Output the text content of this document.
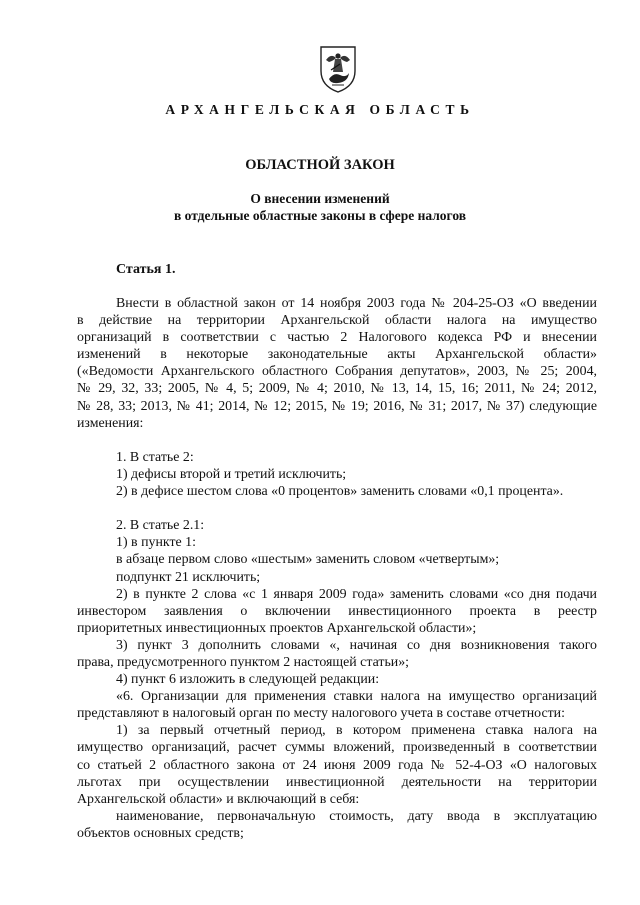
АРХАНГЕЛЬСКАЯ ОБЛАСТЬ
ОБЛАСТНОЙ ЗАКОН
О внесении изменений
в отдельные областные законы в сфере налогов
Статья 1.

Внести в областной закон от 14 ноября 2003 года № 204-25-ОЗ «О введении

в действие на территории Архангельской области налога на имущество

организаций в соответствии с частью 2 Налогового кодекса РФ и внесении

изменений в некоторые законодательные акты Архангельской области»

(«Ведомости Архангельского областного Собрания депутатов», 2003, № 25; 2004,

№ 29, 32, 33; 2005, № 4, 5; 2009, № 4; 2010, № 13, 14, 15, 16; 2011, № 24; 2012,

№ 28, 33; 2013, № 41; 2014, № 12; 2015, № 19; 2016, № 31; 2017, № 37) следующие

изменения:

1. В статье 2:

1) дефисы второй и третий исключить;

2) в дефисе шестом слова «0 процентов» заменить словами «0,1 процента».

2. В статье 2.1:

1) в пункте 1:

в абзаце первом слово «шестым» заменить словом «четвертым»;

подпункт 21 исключить;

2) в пункте 2 слова «с 1 января 2009 года» заменить словами «со дня подачи

инвестором заявления о включении инвестиционного проекта в реестр

приоритетных инвестиционных проектов Архангельской области»;

3) пункт 3 дополнить словами «, начиная со дня возникновения такого

права, предусмотренного пунктом 2 настоящей статьи»;

4) пункт 6 изложить в следующей редакции:

«6. Организации для применения ставки налога на имущество организаций

представляют в налоговый орган по месту налогового учета в составе отчетности:

1) за первый отчетный период, в котором применена ставка налога на

имущество организаций, расчет суммы вложений, произведенный в соответствии

со статьей 2 областного закона от 24 июня 2009 года № 52-4-ОЗ «О налоговых

льготах при осуществлении инвестиционной деятельности на территории

Архангельской области» и включающий в себя:

наименование, первоначальную стоимость, дату ввода в эксплуатацию

объектов основных средств;
